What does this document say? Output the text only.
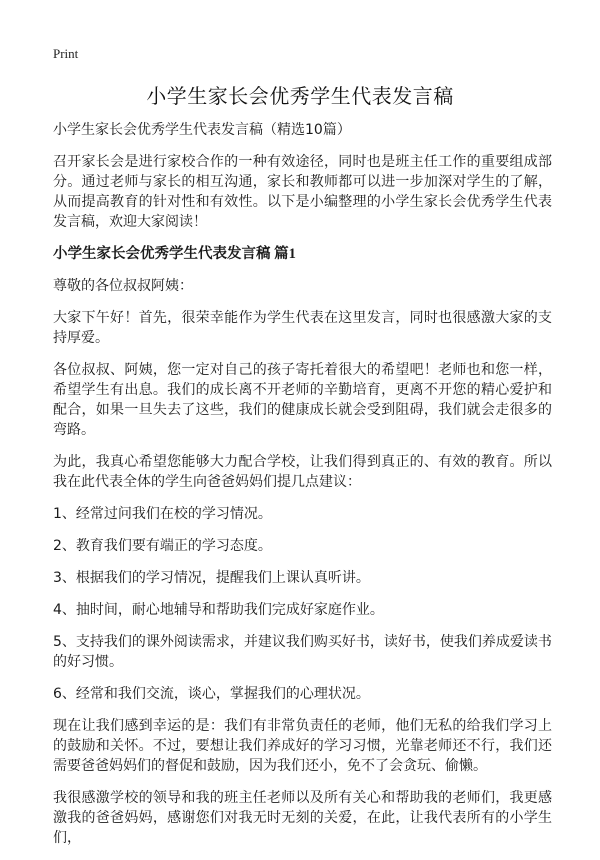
Print
小学生家长会优秀学生代表发言稿

小学生家长会优秀学生代表发言稿（精选10篇）

召开家长会是进行家校合作的一种有效途径，同时也是班主任工作的重要组成部分。通过老师与家长的相互沟通，家长和教师都可以进一步加深对学生的了解，从而提高教育的针对性和有效性。以下是小编整理的小学生家长会优秀学生代表发言稿，欢迎大家阅读！

小学生家长会优秀学生代表发言稿 篇1

尊敬的各位叔叔阿姨：

大家下午好！首先，很荣幸能作为学生代表在这里发言，同时也很感激大家的支持厚爱。

各位叔叔、阿姨，您一定对自己的孩子寄托着很大的希望吧！老师也和您一样，希望学生有出息。我们的成长离不开老师的辛勤培育，更离不开您的精心爱护和配合，如果一旦失去了这些，我们的健康成长就会受到阻碍，我们就会走很多的弯路。

为此，我真心希望您能够大力配合学校，让我们得到真正的、有效的教育。所以我在此代表全体的学生向爸爸妈妈们提几点建议：

1、经常过问我们在校的学习情况。

2、教育我们要有端正的学习态度。

3、根据我们的学习情况，提醒我们上课认真听讲。

4、抽时间，耐心地辅导和帮助我们完成好家庭作业。

5、支持我们的课外阅读需求，并建议我们购买好书，读好书，使我们养成爱读书的好习惯。

6、经常和我们交流，谈心，掌握我们的心理状况。

现在让我们感到幸运的是：我们有非常负责任的老师，他们无私的给我们学习上的鼓励和关怀。不过，要想让我们养成好的学习习惯，光靠老师还不行，我们还需要爸爸妈妈们的督促和鼓励，因为我们还小，免不了会贪玩、偷懒。

我很感激学校的领导和我的班主任老师以及所有关心和帮助我的老师们，我更感激我的爸爸妈妈，感谢您们对我无时无刻的关爱，在此，让我代表所有的小学生们，
